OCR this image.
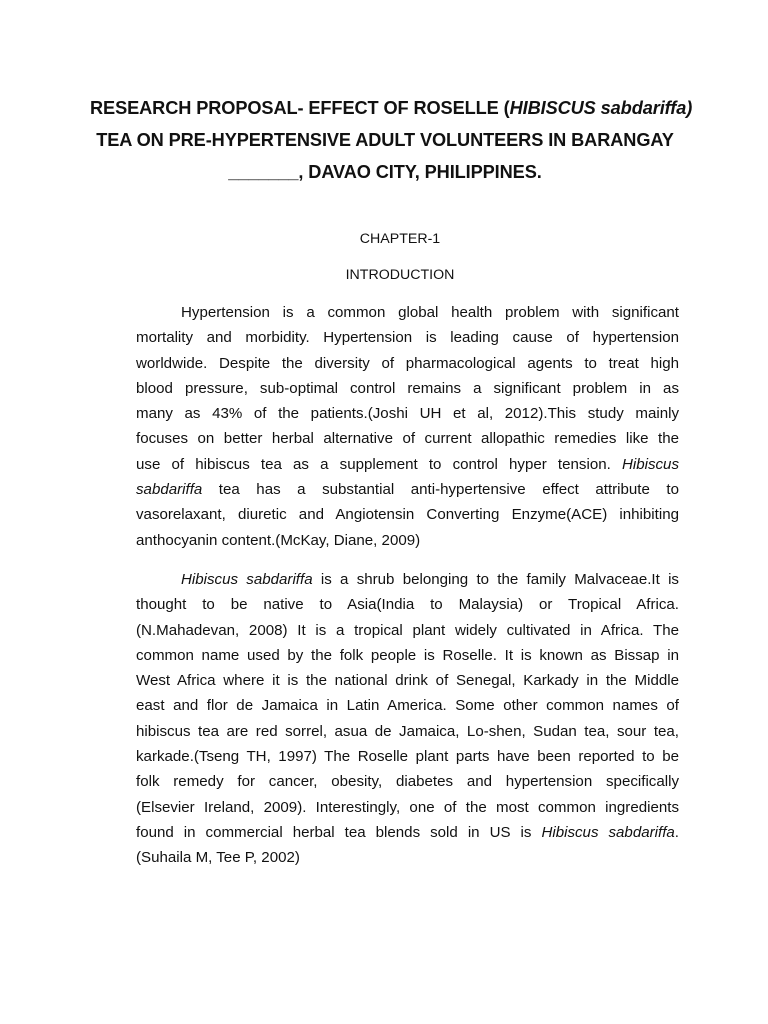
RESEARCH PROPOSAL- EFFECT OF ROSELLE (HIBISCUS sabdariffa)
TEA ON PRE-HYPERTENSIVE ADULT VOLUNTEERS IN BARANGAY
_______, DAVAO CITY, PHILIPPINES.
CHAPTER-1
INTRODUCTION
Hypertension is a common global health problem with significant
mortality and morbidity. Hypertension is leading cause of hypertension
worldwide. Despite the diversity of pharmacological agents to treat high
blood pressure, sub-optimal control remains a significant problem in as
many as 43% of the patients.(Joshi UH et al, 2012).This study mainly
focuses on better herbal alternative of current allopathic remedies like the
use of hibiscus tea as a supplement to control hyper tension. Hibiscus
sabdariffa tea has a substantial anti-hypertensive effect attribute to
vasorelaxant, diuretic and Angiotensin Converting Enzyme(ACE) inhibiting
anthocyanin content.(McKay, Diane, 2009)
Hibiscus sabdariffa is a shrub belonging to the family Malvaceae.It is
thought to be native to Asia(India to Malaysia) or Tropical Africa.
(N.Mahadevan, 2008) It is a tropical plant widely cultivated in Africa. The
common name used by the folk people is Roselle. It is known as Bissap in
West Africa where it is the national drink of Senegal, Karkady in the Middle
east and flor de Jamaica in Latin America. Some other common names of
hibiscus tea are red sorrel, asua de Jamaica, Lo-shen, Sudan tea, sour tea,
karkade.(Tseng TH, 1997) The Roselle plant parts have been reported to be
folk remedy for cancer, obesity, diabetes and hypertension specifically
(Elsevier Ireland, 2009). Interestingly, one of the most common ingredients
found in commercial herbal tea blends sold in US is Hibiscus sabdariffa.
(Suhaila M, Tee P, 2002)
